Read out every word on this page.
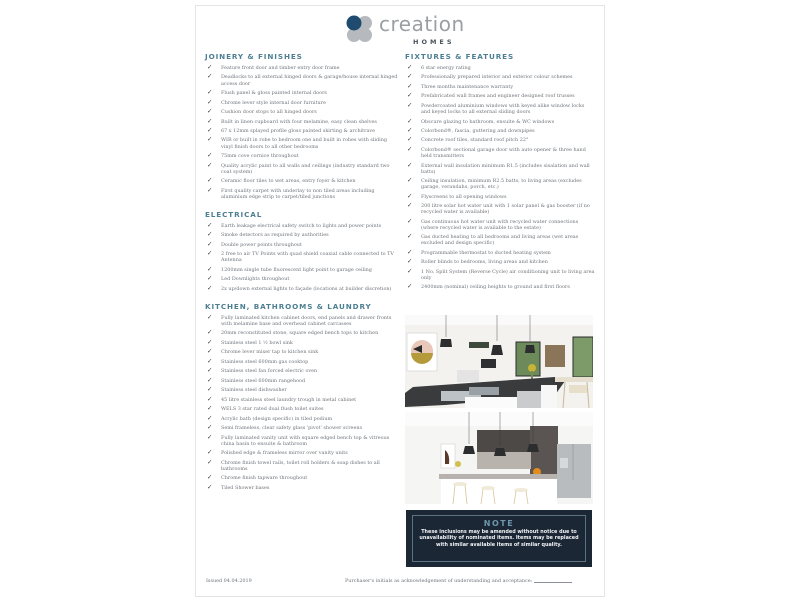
creation
HOMES
JOINERY & FINISHES
✓ Feature front door and timber entry door frame
✓ Deadlocks to all external hinged doors & garage/house internal hinged access door
✓ Flush panel & gloss painted internal doors
✓ Chrome lever style internal door furniture
✓ Cushion door stops to all hinged doors
✓ Built in linen cupboard with four melamine, easy clean shelves
✓ 67 x 12mm splayed profile gloss painted skirting & architrave
✓ WIR or built in robe to bedroom one and built in robes with sliding vinyl finish doors to all other bedrooms
✓ 75mm cove cornice throughout
✓ Quality acrylic paint to all walls and ceilings (industry standard two coat system)
✓ Ceramic floor tiles to wet areas, entry foyer & kitchen
✓ First quality carpet with underlay to non tiled areas including aluminium edge strip to carpet/tiled junctions
ELECTRICAL
✓ Earth leakage electrical safety switch to lights and power points
✓ Smoke detectors as required by authorities
✓ Double power points throughout
✓ 2 free to air TV Points with quad shield coaxial cable connected to TV Antenna
✓ 1200mm single tube fluorescent light point to garage ceiling
✓ Led Downlights throughout
✓ 2x up/down external lights to façade (locations at builder discretion)
KITCHEN, BATHROOMS & LAUNDRY
✓ Fully laminated kitchen cabinet doors, end panels and drawer fronts with melamine base and overhead cabinet carcasses
✓ 20mm reconstituted stone, square edged bench tops to kitchen
✓ Stainless steel 1 ½ bowl sink
✓ Chrome lever mixer tap to kitchen sink
✓ Stainless steel 600mm gas cooktop
✓ Stainless steel fan forced electric oven
✓ Stainless steel 600mm rangehood
✓ Stainless steel dishwasher
✓ 45 litre stainless steel laundry trough in metal cabinet
✓ WELS 3 star rated dual flush toilet suites
✓ Acrylic bath (design specific) in tiled podium
✓ Semi frameless, clear safety glass 'pivot' shower screens
✓ Fully laminated vanity unit with square edged bench top & vitreous china basin to ensuite & bathroom
✓ Polished edge & frameless mirror over vanity units
✓ Chrome finish towel rails, toilet roll holders & soap dishes to all bathrooms
✓ Chrome finish tapware throughout
✓ Tiled Shower bases
FIXTURES & FEATURES
✓ 6 star energy rating
✓ Professionally prepared interior and exterior colour schemes
✓ Three months maintenance warranty
✓ Prefabricated wall frames and engineer designed roof trusses
✓ Powdercoated aluminium windows with keyed alike window locks and keyed locks to all external sliding doors
✓ Obscure glazing to bathroom, ensuite & WC windows
✓ Colorbond®, fascia, guttering and downpipes
✓ Concrete roof tiles, standard roof pitch 22°
✓ Colorbond® sectional garage door with auto opener & three hand held transmitters
✓ External wall insulation minimum R1.5 (includes sisalation and wall batts)
✓ Ceiling insulation, minimum R2.5 batts, to living areas (excludes garage, verandahs, porch, etc.)
✓ Flyscreens to all opening windows
✓ 200 litre solar hot water unit with 1 solar panel & gas booster (if no recycled water is available)
✓ Gas continuous hot water unit with recycled water connections (where recycled water is available to the estate)
✓ Gas ducted heating to all bedrooms and living areas (wet areas excluded and design specific)
✓ Programmable thermostat to ducted heating system
✓ Roller blinds to bedrooms, living areas and kitchen
✓ 1 No. Split System (Reverse Cycle) air conditioning unit to living area only
✓ 2400mm (nominal) ceiling heights to ground and first floors
NOTE
These inclusions may be amended without notice due to unavailability of nominated items. Items may be replaced with similar available items of similar quality.
Issued 04.04.2019	Purchaser's initials as acknowledgement of understanding and acceptance:
